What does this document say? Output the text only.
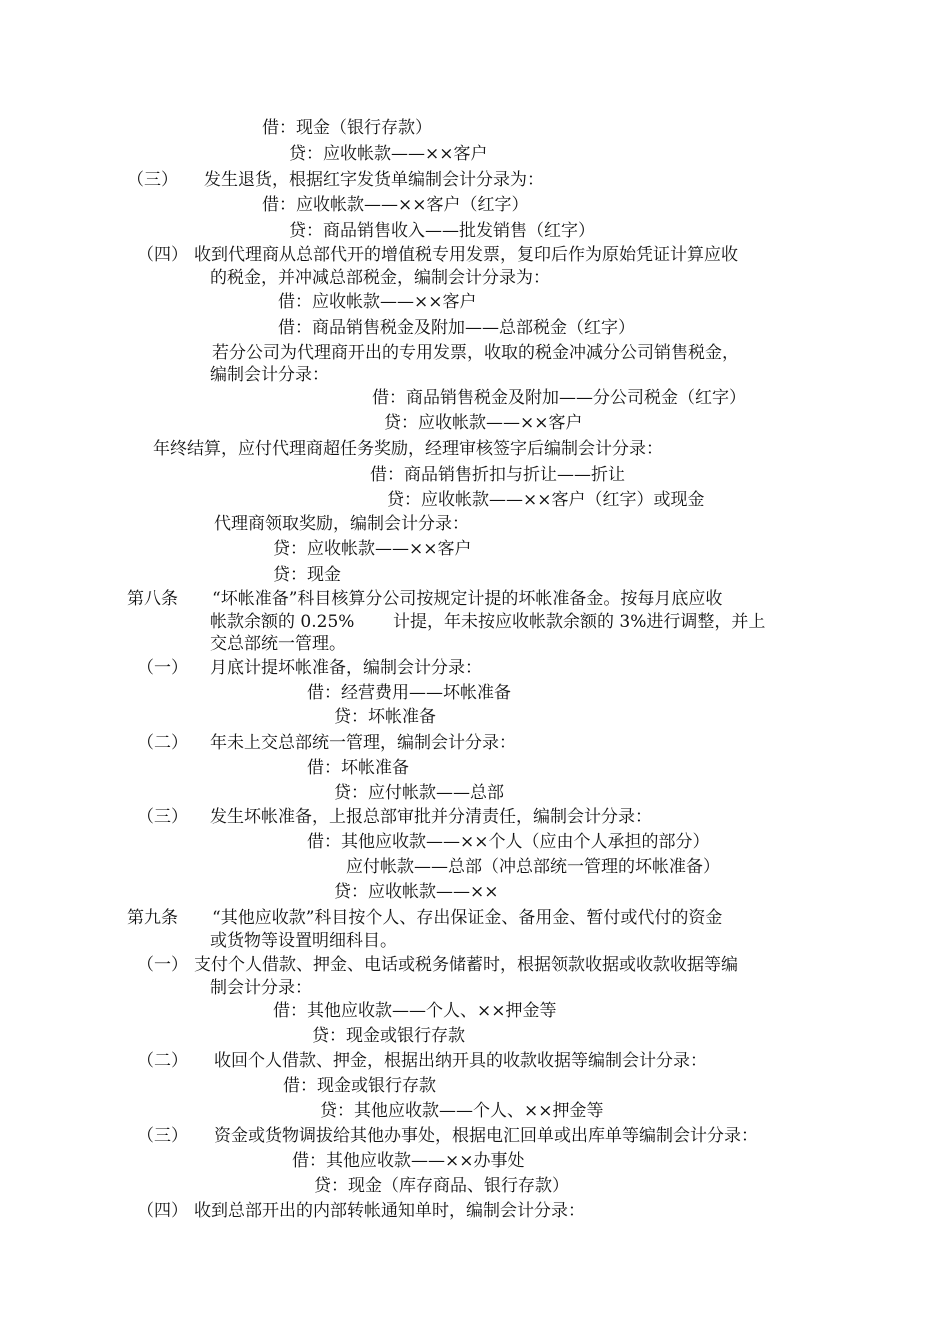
借：现金（银行存款）
贷：应收帐款——××客户
（三） 发生退货，根据红字发货单编制会计分录为：
借：应收帐款——××客户（红字）
贷：商品销售收入——批发销售（红字）
（四） 收到代理商从总部代开的增值税专用发票，复印后作为原始凭证计算应收
的税金，并冲减总部税金，编制会计分录为：
借：应收帐款——××客户
借：商品销售税金及附加——总部税金（红字）
若分公司为代理商开出的专用发票，收取的税金冲减分公司销售税金，
编制会计分录：
借：商品销售税金及附加——分公司税金（红字）
贷：应收帐款——××客户
年终结算，应付代理商超任务奖励，经理审核签字后编制会计分录：
借：商品销售折扣与折让——折让
贷：应收帐款——××客户（红字）或现金
代理商领取奖励，编制会计分录：
贷：应收帐款——××客户
贷：现金
第八条 “坏帐准备”科目核算分公司按规定计提的坏帐准备金。按每月底应收
帐款余额的 0.25% 计提，年未按应收帐款余额的 3%进行调整，并上
交总部统一管理。
（一） 月底计提坏帐准备，编制会计分录：
借：经营费用——坏帐准备
贷：坏帐准备
（二） 年未上交总部统一管理，编制会计分录：
借：坏帐准备
贷：应付帐款——总部
（三） 发生坏帐准备，上报总部审批并分清责任，编制会计分录：
借：其他应收款——××个人（应由个人承担的部分）
应付帐款——总部（冲总部统一管理的坏帐准备）
贷：应收帐款——××
第九条 “其他应收款”科目按个人、存出保证金、备用金、暂付或代付的资金
或货物等设置明细科目。
（一） 支付个人借款、押金、电话或税务储蓄时，根据领款收据或收款收据等编
制会计分录：
借：其他应收款——个人、××押金等
贷：现金或银行存款
（二） 收回个人借款、押金，根据出纳开具的收款收据等编制会计分录：
借：现金或银行存款
贷：其他应收款——个人、××押金等
（三） 资金或货物调拔给其他办事处，根据电汇回单或出库单等编制会计分录：
借：其他应收款——××办事处
贷：现金（库存商品、银行存款）
（四） 收到总部开出的内部转帐通知单时，编制会计分录：
